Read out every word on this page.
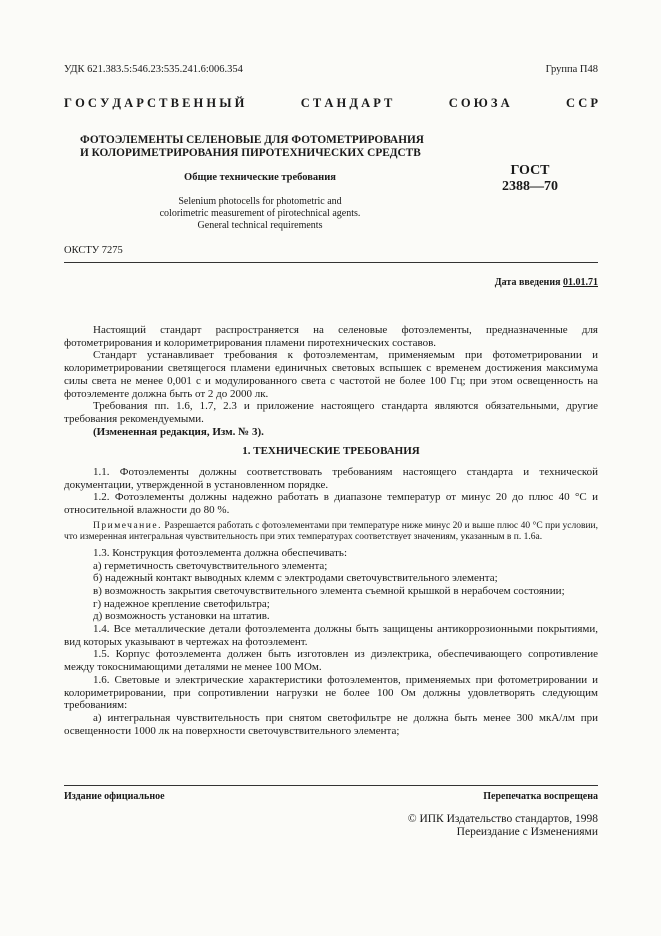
УДК 621.383.5:546.23:535.241.6:006.354	Группа П48
Г О С У Д А Р С Т В Е Н Н Ы Й	С Т А Н Д А Р Т	С О Ю З А	С С Р
ФОТОЭЛЕМЕНТЫ СЕЛЕНОВЫЕ ДЛЯ ФОТОМЕТРИРОВАНИЯ
И КОЛОРИМЕТРИРОВАНИЯ ПИРОТЕХНИЧЕСКИХ СРЕДСТВ
Общие технические требования	ГОСТ
2388—70
Selenium photocells for photometric and
colorimetric measurement of pirotechnical agents.
General technical requirements
ОКСТУ 7275
Дата введения 01.01.71

Настоящий стандарт распространяется на селеновые фотоэлементы, предназначенные для фотометрирования и колориметрирования пламени пиротехнических составов.

Стандарт устанавливает требования к фотоэлементам, применяемым при фотометрировании и колориметрировании светящегося пламени единичных световых вспышек с временем достижения максимума силы света не менее 0,001 с и модулированного света с частотой не более 100 Гц; при этом освещенность на фотоэлементе должна быть от 2 до 2000 лк.

Требования пп. 1.6, 1.7, 2.3 и приложение настоящего стандарта являются обязательными, другие требования рекомендуемыми.

(Измененная редакция, Изм. № 3).

1. ТЕХНИЧЕСКИЕ ТРЕБОВАНИЯ

1.1. Фотоэлементы должны соответствовать требованиям настоящего стандарта и технической документации, утвержденной в установленном порядке.

1.2. Фотоэлементы должны надежно работать в диапазоне температур от минус 20 до плюс 40 °С и относительной влажности до 80 %.

Примечание. Разрешается работать с фотоэлементами при температуре ниже минус 20 и выше плюс 40 °С при условии, что измеренная интегральная чувствительность при этих температурах соответствует значениям, указанным в п. 1.6а.

1.3. Конструкция фотоэлемента должна обеспечивать:

а) герметичность светочувствительного элемента;

б) надежный контакт выводных клемм с электродами светочувствительного элемента;

в) возможность закрытия светочувствительного элемента съемной крышкой в нерабочем состоянии;

г) надежное крепление светофильтра;

д) возможность установки на штатив.

1.4. Все металлические детали фотоэлемента должны быть защищены антикоррозионными покрытиями, вид которых указывают в чертежах на фотоэлемент.

1.5. Корпус фотоэлемента должен быть изготовлен из диэлектрика, обеспечивающего сопротивление между токоснимающими деталями не менее 100 МОм.

1.6. Световые и электрические характеристики фотоэлементов, применяемых при фотометрировании и колориметрировании, при сопротивлении нагрузки не более 100 Ом должны удовлетворять следующим требованиям:

а) интегральная чувствительность при снятом светофильтре не должна быть менее 300 мкА/лм при освещенности 1000 лк на поверхности светочувствительного элемента;

Издание официальное	Перепечатка воспрещена
© ИПК Издательство стандартов, 1998
Переиздание с Изменениями
